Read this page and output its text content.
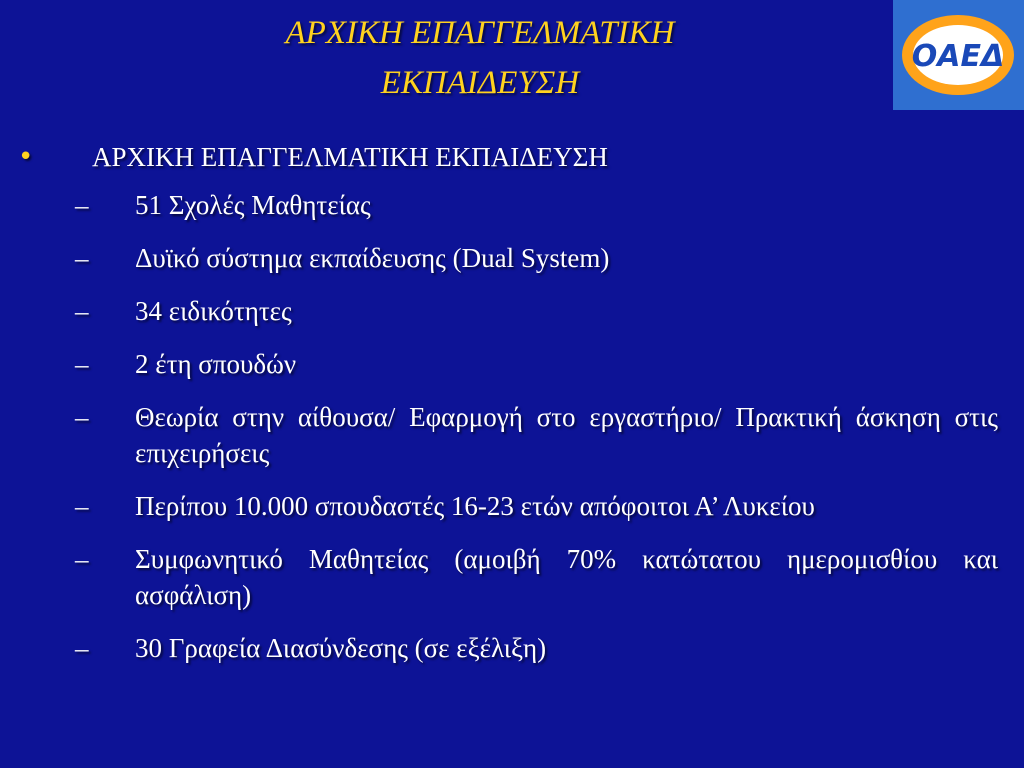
ΑΡΧΙΚΗ ΕΠΑΓΓΕΛΜΑΤΙΚΗ
ΕΚΠΑΙΔΕΥΣΗ
ΟΑΕΔ
•	ΑΡΧΙΚΗ ΕΠΑΓΓΕΛΜΑΤΙΚΗ ΕΚΠΑΙΔΕΥΣΗ
–	51 Σχολές Μαθητείας
–	Δυϊκό σύστημα εκπαίδευσης (Dual System)
–	34 ειδικότητες
–	2 έτη σπουδών
–	Θεωρία στην αίθουσα/ Εφαρμογή στο εργαστήριο/ Πρακτική άσκηση στις επιχειρήσεις
–	Περίπου 10.000 σπουδαστές 16-23 ετών απόφοιτοι Α’ Λυκείου
–	Συμφωνητικό Μαθητείας (αμοιβή 70% κατώτατου ημερομισθίου και ασφάλιση)
–	30 Γραφεία Διασύνδεσης (σε εξέλιξη)
